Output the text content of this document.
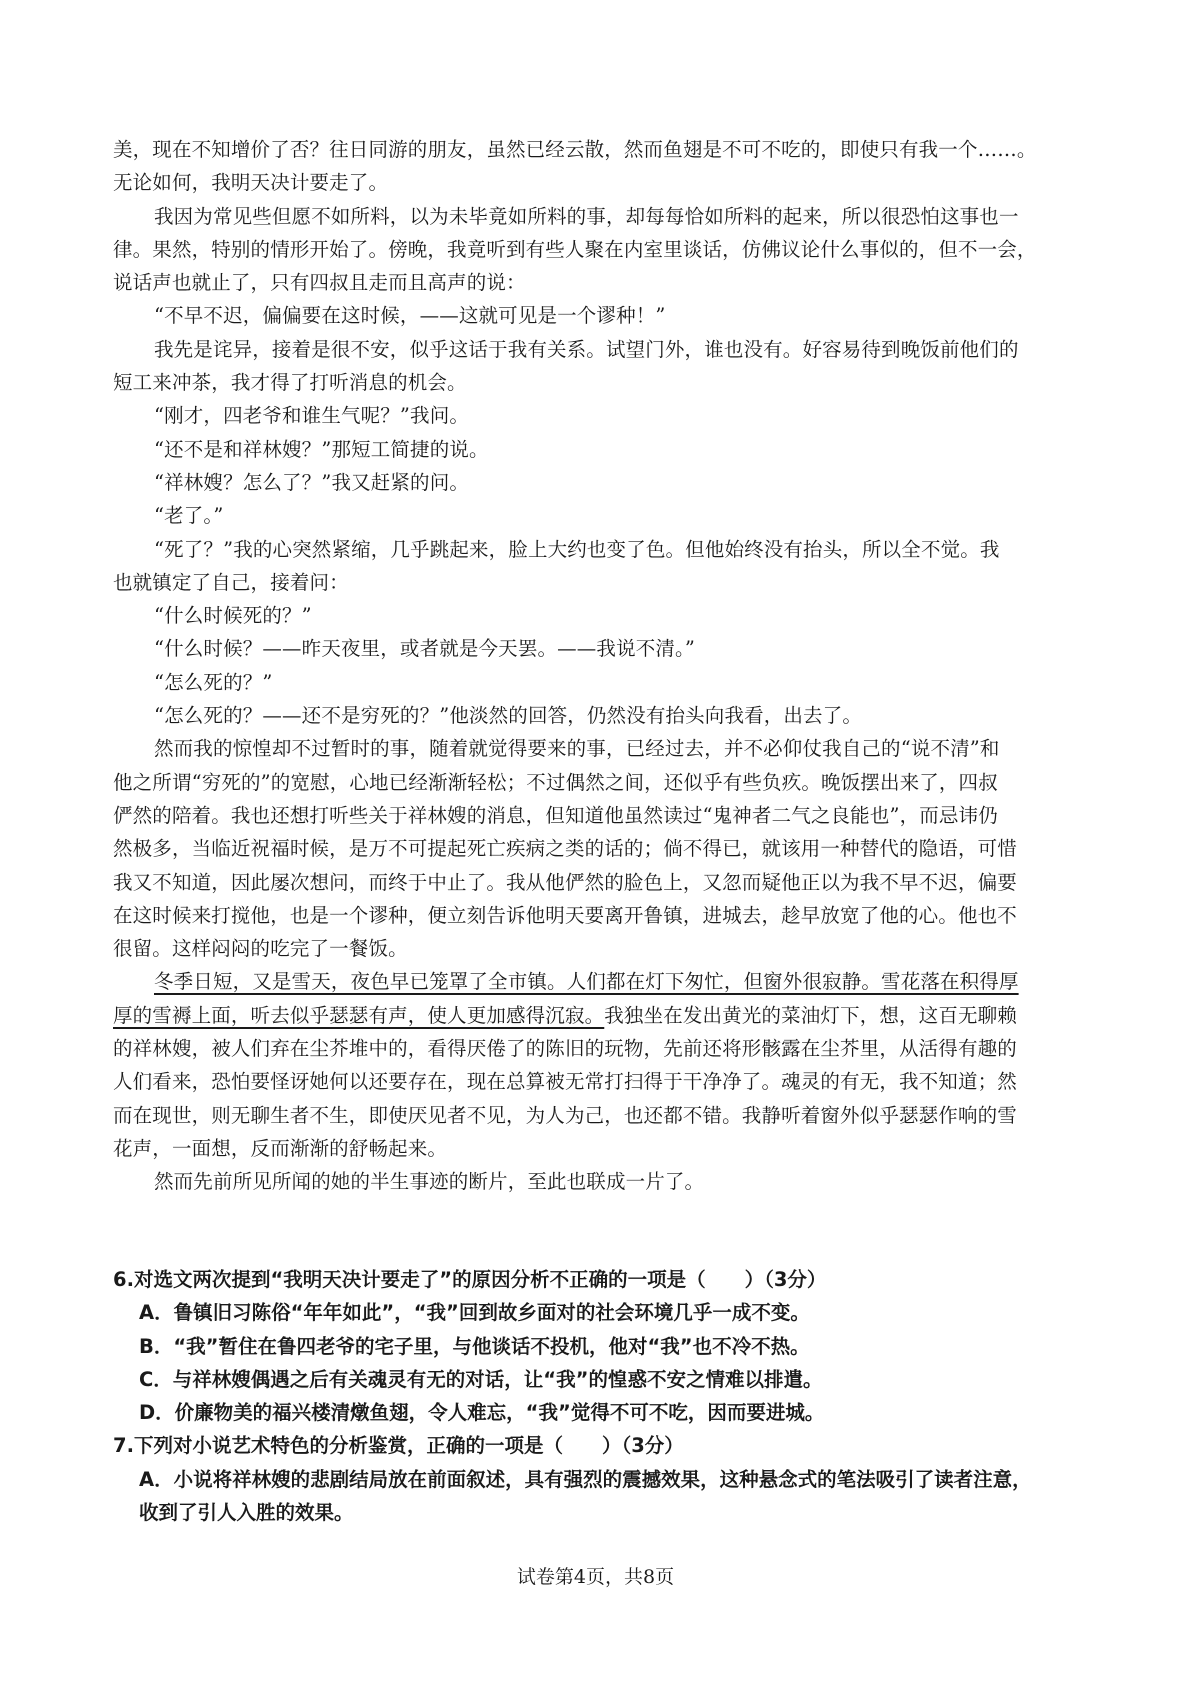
美，现在不知增价了否？往日同游的朋友，虽然已经云散，然而鱼翅是不可不吃的，即使只有我一个……。
无论如何，我明天决计要走了。
我因为常见些但愿不如所料，以为未毕竟如所料的事，却每每恰如所料的起来，所以很恐怕这事也一
律。果然，特别的情形开始了。傍晚，我竟听到有些人聚在内室里谈话，仿佛议论什么事似的，但不一会，
说话声也就止了，只有四叔且走而且高声的说：
“不早不迟，偏偏要在这时候，——这就可见是一个谬种！”
我先是诧异，接着是很不安，似乎这话于我有关系。试望门外，谁也没有。好容易待到晚饭前他们的
短工来冲茶，我才得了打听消息的机会。
“刚才，四老爷和谁生气呢？”我问。
“还不是和祥林嫂？”那短工简捷的说。
“祥林嫂？怎么了？”我又赶紧的问。
“老了。”
“死了？”我的心突然紧缩，几乎跳起来，脸上大约也变了色。但他始终没有抬头，所以全不觉。我
也就镇定了自己，接着问：
“什么时候死的？”
“什么时候？——昨天夜里，或者就是今天罢。——我说不清。”
“怎么死的？”
“怎么死的？——还不是穷死的？”他淡然的回答，仍然没有抬头向我看，出去了。
然而我的惊惶却不过暂时的事，随着就觉得要来的事，已经过去，并不必仰仗我自己的“说不清”和
他之所谓“穷死的”的宽慰，心地已经渐渐轻松；不过偶然之间，还似乎有些负疚。晚饭摆出来了，四叔
俨然的陪着。我也还想打听些关于祥林嫂的消息，但知道他虽然读过“鬼神者二气之良能也”，而忌讳仍
然极多，当临近祝福时候，是万不可提起死亡疾病之类的话的；倘不得已，就该用一种替代的隐语，可惜
我又不知道，因此屡次想问，而终于中止了。我从他俨然的脸色上，又忽而疑他正以为我不早不迟，偏要
在这时候来打搅他，也是一个谬种，便立刻告诉他明天要离开鲁镇，进城去，趁早放宽了他的心。他也不
很留。这样闷闷的吃完了一餐饭。
冬季日短，又是雪天，夜色早已笼罩了全市镇。人们都在灯下匆忙，但窗外很寂静。雪花落在积得厚
厚的雪褥上面，听去似乎瑟瑟有声，使人更加感得沉寂。我独坐在发出黄光的菜油灯下，想，这百无聊赖
的祥林嫂，被人们弃在尘芥堆中的，看得厌倦了的陈旧的玩物，先前还将形骸露在尘芥里，从活得有趣的
人们看来，恐怕要怪讶她何以还要存在，现在总算被无常打扫得于干净净了。魂灵的有无，我不知道；然
而在现世，则无聊生者不生，即使厌见者不见，为人为己，也还都不错。我静听着窗外似乎瑟瑟作响的雪
花声，一面想，反而渐渐的舒畅起来。
然而先前所见所闻的她的半生事迹的断片，至此也联成一片了。
6.对选文两次提到“我明天决计要走了”的原因分析不正确的一项是（　　）（3分）
A．鲁镇旧习陈俗“年年如此”，“我”回到故乡面对的社会环境几乎一成不变。
B．“我”暂住在鲁四老爷的宅子里，与他谈话不投机，他对“我”也不冷不热。
C．与祥林嫂偶遇之后有关魂灵有无的对话，让“我”的惶惑不安之情难以排遣。
D．价廉物美的福兴楼清燉鱼翅，令人难忘，“我”觉得不可不吃，因而要进城。
7.下列对小说艺术特色的分析鉴赏，正确的一项是（　　）（3分）
A．小说将祥林嫂的悲剧结局放在前面叙述，具有强烈的震撼效果，这种悬念式的笔法吸引了读者注意，
收到了引人入胜的效果。
试卷第4页，共8页
